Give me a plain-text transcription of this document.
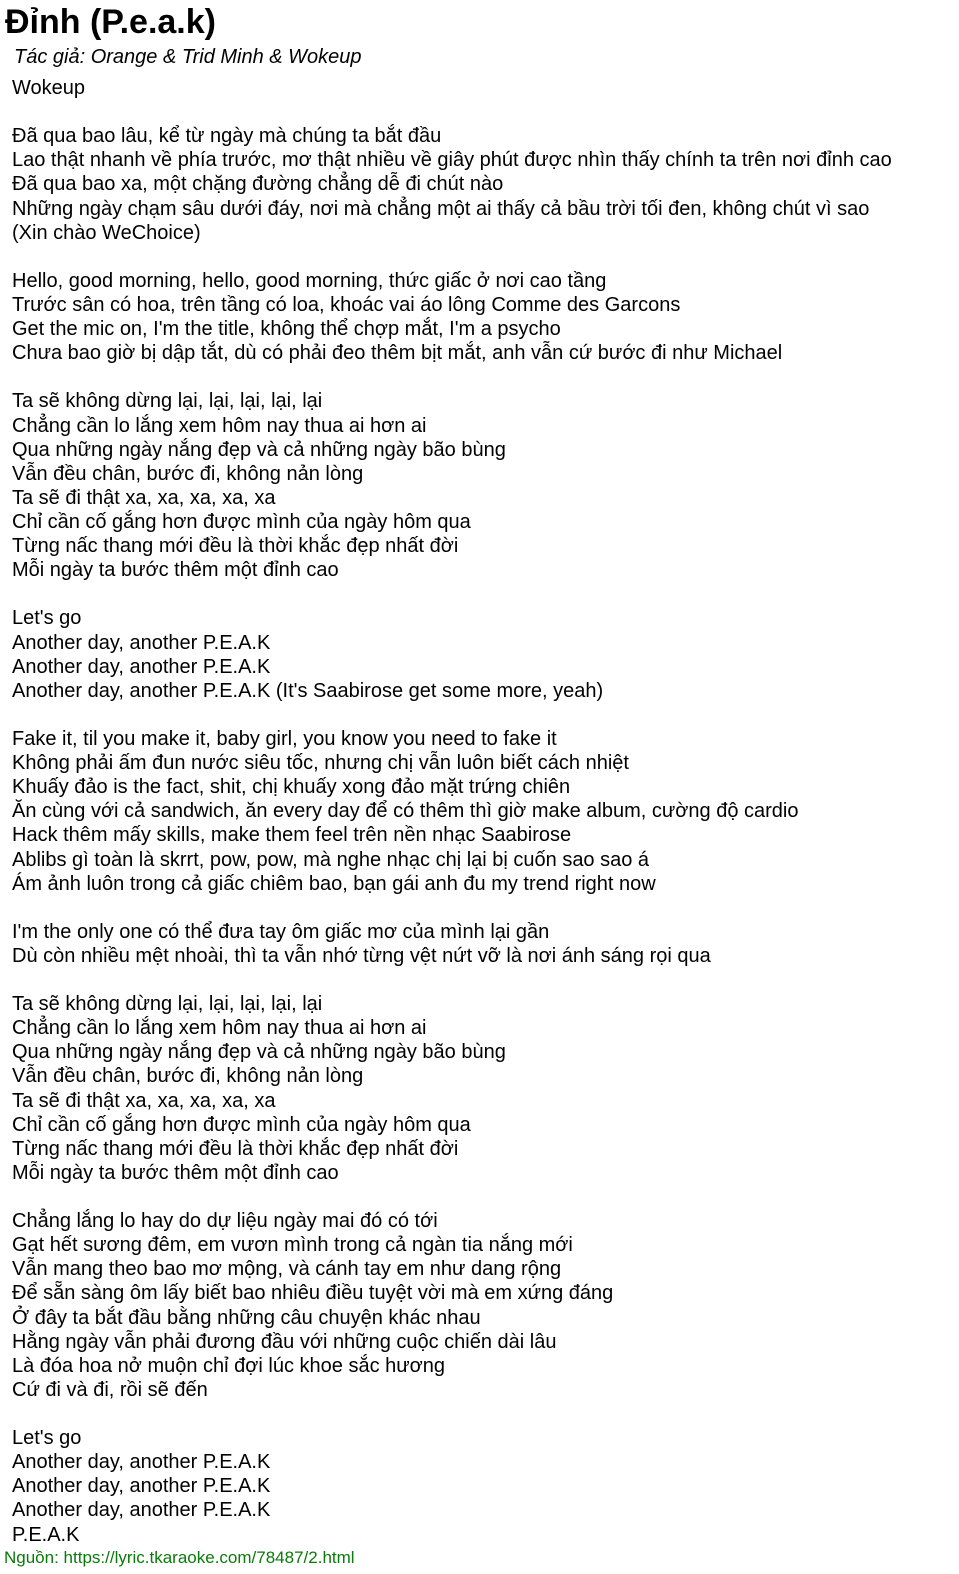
Đỉnh (P.e.a.k)
Tác giả: Orange & Trid Minh & Wokeup
Wokeup
Đã qua bao lâu, kể từ ngày mà chúng ta bắt đầu
Lao thật nhanh về phía trước, mơ thật nhiều về giây phút được nhìn thấy chính ta trên nơi đỉnh cao
Đã qua bao xa, một chặng đường chẳng dễ đi chút nào
Những ngày chạm sâu dưới đáy, nơi mà chẳng một ai thấy cả bầu trời tối đen, không chút vì sao
(Xin chào WeChoice)
Hello, good morning, hello, good morning, thức giấc ở nơi cao tầng
Trước sân có hoa, trên tầng có loa, khoác vai áo lông Comme des Garcons
Get the mic on, I'm the title, không thể chợp mắt, I'm a psycho
Chưa bao giờ bị dập tắt, dù có phải đeo thêm bịt mắt, anh vẫn cứ bước đi như Michael
Ta sẽ không dừng lại, lại, lại, lại, lại
Chẳng cần lo lắng xem hôm nay thua ai hơn ai
Qua những ngày nắng đẹp và cả những ngày bão bùng
Vẫn đều chân, bước đi, không nản lòng
Ta sẽ đi thật xa, xa, xa, xa, xa
Chỉ cần cố gắng hơn được mình của ngày hôm qua
Từng nấc thang mới đều là thời khắc đẹp nhất đời
Mỗi ngày ta bước thêm một đỉnh cao
Let's go
Another day, another P.E.A.K
Another day, another P.E.A.K
Another day, another P.E.A.K (It's Saabirose get some more, yeah)
Fake it, til you make it, baby girl, you know you need to fake it
Không phải ấm đun nước siêu tốc, nhưng chị vẫn luôn biết cách nhiệt
Khuấy đảo is the fact, shit, chị khuấy xong đảo mặt trứng chiên
Ăn cùng với cả sandwich, ăn every day để có thêm thì giờ make album, cường độ cardio
Hack thêm mấy skills, make them feel trên nền nhạc Saabirose
Ablibs gì toàn là skrrt, pow, pow, mà nghe nhạc chị lại bị cuốn sao sao á
Ám ảnh luôn trong cả giấc chiêm bao, bạn gái anh đu my trend right now
I'm the only one có thể đưa tay ôm giấc mơ của mình lại gần
Dù còn nhiều mệt nhoài, thì ta vẫn nhớ từng vệt nứt vỡ là nơi ánh sáng rọi qua
Ta sẽ không dừng lại, lại, lại, lại, lại
Chẳng cần lo lắng xem hôm nay thua ai hơn ai
Qua những ngày nắng đẹp và cả những ngày bão bùng
Vẫn đều chân, bước đi, không nản lòng
Ta sẽ đi thật xa, xa, xa, xa, xa
Chỉ cần cố gắng hơn được mình của ngày hôm qua
Từng nấc thang mới đều là thời khắc đẹp nhất đời
Mỗi ngày ta bước thêm một đỉnh cao
Chẳng lắng lo hay do dự liệu ngày mai đó có tới
Gạt hết sương đêm, em vươn mình trong cả ngàn tia nắng mới
Vẫn mang theo bao mơ mộng, và cánh tay em như dang rộng
Để sẵn sàng ôm lấy biết bao nhiêu điều tuyệt vời mà em xứng đáng
Ở đây ta bắt đầu bằng những câu chuyện khác nhau
Hằng ngày vẫn phải đương đầu với những cuộc chiến dài lâu
Là đóa hoa nở muộn chỉ đợi lúc khoe sắc hương
Cứ đi và đi, rồi sẽ đến
Let's go
Another day, another P.E.A.K
Another day, another P.E.A.K
Another day, another P.E.A.K
P.E.A.K
Nguồn: https://lyric.tkaraoke.com/78487/2.html
